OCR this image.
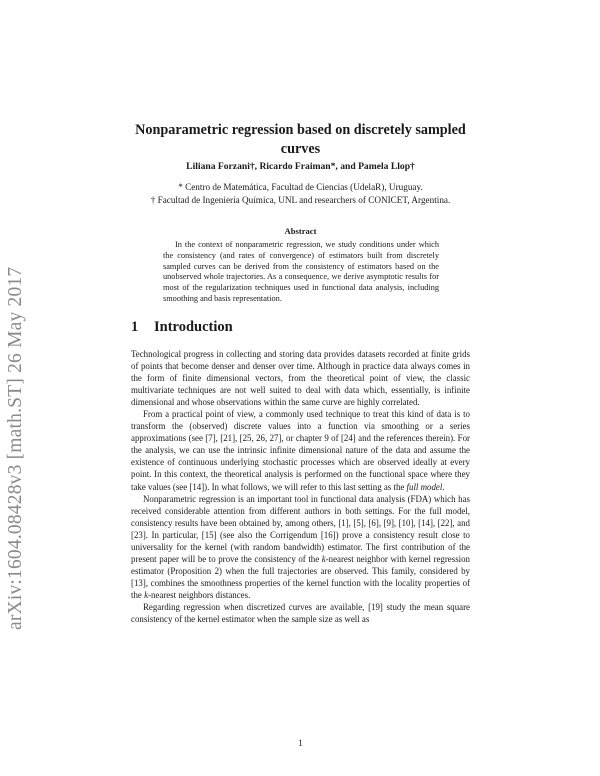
arXiv:1604.08428v3 [math.ST] 26 May 2017
Nonparametric regression based on discretely sampled curves
Liliana Forzani†, Ricardo Fraiman*, and Pamela Llop†
* Centro de Matemática, Facultad de Ciencias (UdelaR), Uruguay.
† Facultad de Ingeniería Química, UNL and researchers of CONICET, Argentina.
Abstract
In the context of nonparametric regression, we study conditions under which the consistency (and rates of convergence) of estimators built from discretely sampled curves can be derived from the consistency of estimators based on the unobserved whole trajectories. As a consequence, we derive asymptotic results for most of the regularization techniques used in functional data analysis, including smoothing and basis representation.
1 Introduction

Technological progress in collecting and storing data provides datasets recorded at finite grids of points that become denser and denser over time. Although in practice data always comes in the form of finite dimensional vectors, from the theoretical point of view, the classic multivariate techniques are not well suited to deal with data which, essentially, is infinite dimensional and whose observations within the same curve are highly correlated.

From a practical point of view, a commonly used technique to treat this kind of data is to transform the (observed) discrete values into a function via smoothing or a series approximations (see [7], [21], [25, 26, 27], or chapter 9 of [24] and the references therein). For the analysis, we can use the intrinsic infinite dimensional nature of the data and assume the existence of continuous underlying stochastic processes which are observed ideally at every point. In this context, the theoretical analysis is performed on the functional space where they take values (see [14]). In what follows, we will refer to this last setting as the full model.

Nonparametric regression is an important tool in functional data analysis (FDA) which has received considerable attention from different authors in both settings. For the full model, consistency results have been obtained by, among others, [1], [5], [6], [9], [10], [14], [22], and [23]. In particular, [15] (see also the Corrigendum [16]) prove a consistency result close to universality for the kernel (with random bandwidth) estimator. The first contribution of the present paper will be to prove the consistency of the k-nearest neighbor with kernel regression estimator (Proposition 2) when the full trajectories are observed. This family, considered by [13], combines the smoothness properties of the kernel function with the locality properties of the k-nearest neighbors distances.

Regarding regression when discretized curves are available, [19] study the mean square consistency of the kernel estimator when the sample size as well as

1
